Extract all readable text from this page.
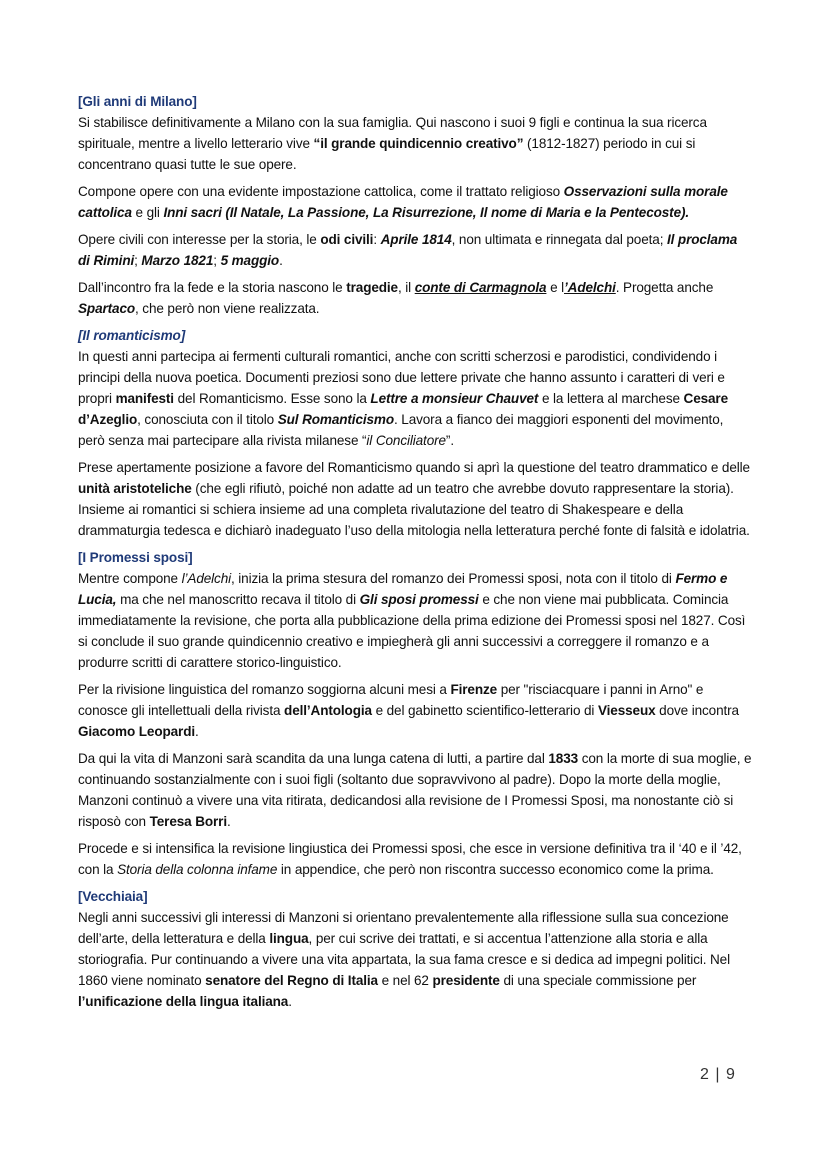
[Gli anni di Milano]

Si stabilisce definitivamente a Milano con la sua famiglia. Qui nascono i suoi 9 figli e continua la sua ricerca spirituale, mentre a livello letterario vive “il grande quindicennio creativo” (1812-1827) periodo in cui si concentrano quasi tutte le sue opere.

Compone opere con una evidente impostazione cattolica, come il trattato religioso Osservazioni sulla morale cattolica e gli Inni sacri (Il Natale, La Passione, La Risurrezione, Il nome di Maria e la Pentecoste).

Opere civili con interesse per la storia, le odi civili: Aprile 1814, non ultimata e rinnegata dal poeta; Il proclama di Rimini; Marzo 1821; 5 maggio.

Dall’incontro fra la fede e la storia nascono le tragedie, il conte di Carmagnola e l’Adelchi. Progetta anche Spartaco, che però non viene realizzata.

[Il romanticismo]

In questi anni partecipa ai fermenti culturali romantici, anche con scritti scherzosi e parodistici, condividendo i principi della nuova poetica. Documenti preziosi sono due lettere private che hanno assunto i caratteri di veri e propri manifesti del Romanticismo. Esse sono la Lettre a monsieur Chauvet e la lettera al marchese Cesare d’Azeglio, conosciuta con il titolo Sul Romanticismo. Lavora a fianco dei maggiori esponenti del movimento, però senza mai partecipare alla rivista milanese “il Conciliatore”.

Prese apertamente posizione a favore del Romanticismo quando si aprì la questione del teatro drammatico e delle unità aristoteliche (che egli rifiutò, poiché non adatte ad un teatro che avrebbe dovuto rappresentare la storia). Insieme ai romantici si schiera insieme ad una completa rivalutazione del teatro di Shakespeare e della drammaturgia tedesca e dichiarò inadeguato l’uso della mitologia nella letteratura perché fonte di falsità e idolatria.

[I Promessi sposi]

Mentre compone l’Adelchi, inizia la prima stesura del romanzo dei Promessi sposi, nota con il titolo di Fermo e Lucia, ma che nel manoscritto recava il titolo di Gli sposi promessi e che non viene mai pubblicata. Comincia immediatamente la revisione, che porta alla pubblicazione della prima edizione dei Promessi sposi nel 1827. Così si conclude il suo grande quindicennio creativo e impiegherà gli anni successivi a correggere il romanzo e a produrre scritti di carattere storico-linguistico.

Per la rivisione linguistica del romanzo soggiorna alcuni mesi a Firenze per "risciacquare i panni in Arno" e conosce gli intellettuali della rivista dell’Antologia e del gabinetto scientifico-letterario di Viesseux dove incontra Giacomo Leopardi.

Da qui la vita di Manzoni sarà scandita da una lunga catena di lutti, a partire dal 1833 con la morte di sua moglie, e continuando sostanzialmente con i suoi figli (soltanto due sopravvivono al padre). Dopo la morte della moglie, Manzoni continuò a vivere una vita ritirata, dedicandosi alla revisione de I Promessi Sposi, ma nonostante ciò si risposò con Teresa Borri.

Procede e si intensifica la revisione lingiustica dei Promessi sposi, che esce in versione definitiva tra il ‘40 e il ’42, con la Storia della colonna infame in appendice, che però non riscontra successo economico come la prima.

[Vecchiaia]

Negli anni successivi gli interessi di Manzoni si orientano prevalentemente alla riflessione sulla sua concezione dell’arte, della letteratura e della lingua, per cui scrive dei trattati, e si accentua l’attenzione alla storia e alla storiografia. Pur continuando a vivere una vita appartata, la sua fama cresce e si dedica ad impegni politici. Nel 1860 viene nominato senatore del Regno di Italia e nel 62 presidente di una speciale commissione per l’unificazione della lingua italiana.

2 | 9
